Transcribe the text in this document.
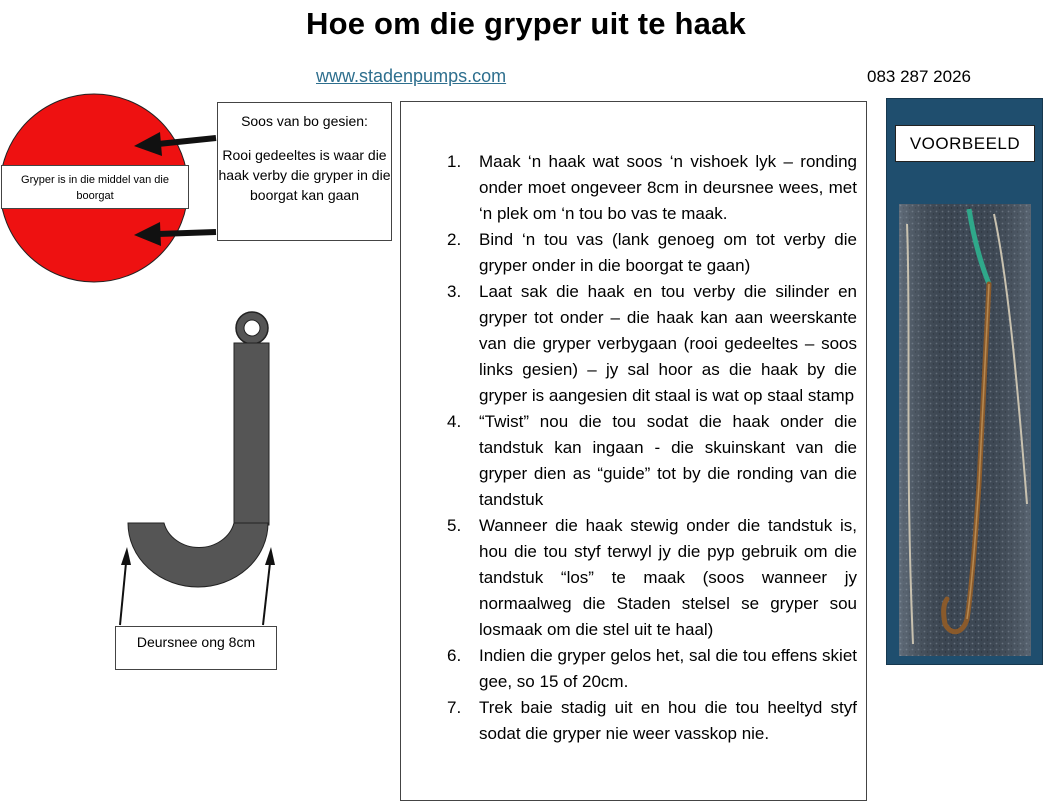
Hoe om die gryper uit te haak
www.stadenpumps.com	083 287 2026
Gryper is in die middel van die boorgat
Soos van bo gesien:
Rooi gedeeltes is waar die haak verby die gryper in die boorgat kan gaan
Deursnee ong 8cm
1. Maak ‘n haak wat soos ‘n vishoek lyk – ronding onder moet ongeveer 8cm in deursnee wees, met ‘n plek om ‘n tou bo vas te maak.
2. Bind ‘n tou vas (lank genoeg om tot verby die gryper onder in die boorgat te gaan)
3. Laat sak die haak en tou verby die silinder en gryper tot onder – die haak kan aan weerskante van die gryper verbygaan (rooi gedeeltes – soos links gesien) – jy sal hoor as die haak by die gryper is aangesien dit staal is wat op staal stamp
4. “Twist” nou die tou sodat die haak onder die tandstuk kan ingaan - die skuinskant van die gryper dien as “guide” tot by die ronding van die tandstuk
5. Wanneer die haak stewig onder die tandstuk is, hou die tou styf terwyl jy die pyp gebruik om die tandstuk “los” te maak (soos wanneer jy normaalweg die Staden stelsel se gryper sou losmaak om die stel uit te haal)
6. Indien die gryper gelos het, sal die tou effens skiet gee, so 15 of 20cm.
7. Trek baie stadig uit en hou die tou heeltyd styf sodat die gryper nie weer vasskop nie.
VOORBEELD
